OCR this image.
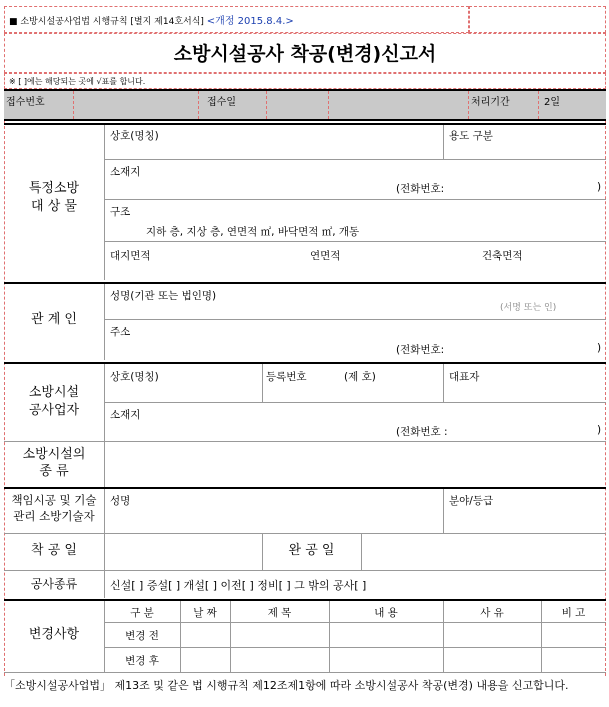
■ 소방시설공사업법 시행규칙 [별지 제14호서식] <개정 2015.8.4.>
소방시설공사 착공(변경)신고서
※ [ ]에는 해당되는 곳에 √표를 합니다.
접수번호	접수일	처리기간	2일
특정소방
대 상 물
상호(명칭)	용도 구분
소재지
(전화번호:	)
구조
지하 층, 지상 층, 연면적 ㎡, 바닥면적 ㎡, 개동
대지면적	연면적	건축면적
관 계 인
성명(기관 또는 법인명)
(서명 또는 인)
주소
(전화번호:	)
소방시설
공사업자
상호(명칭)	등록번호	(제 호)	대표자
소재지
(전화번호 :	)
소방시설의
종 류
책임시공 및 기술
관리 소방기술자
성명	분야/등급
착 공 일	완 공 일
공사종류	신설[ ] 증설[ ] 개설[ ] 이전[ ] 정비[ ] 그 밖의 공사[ ]
변경사항
구 분	날 짜	제 목	내 용	사 유	비 고
변경 전
변경 후
「소방시설공사업법」 제13조 및 같은 법 시행규칙 제12조제1항에 따라 소방시설공사 착공(변경) 내용을 신고합니다.
